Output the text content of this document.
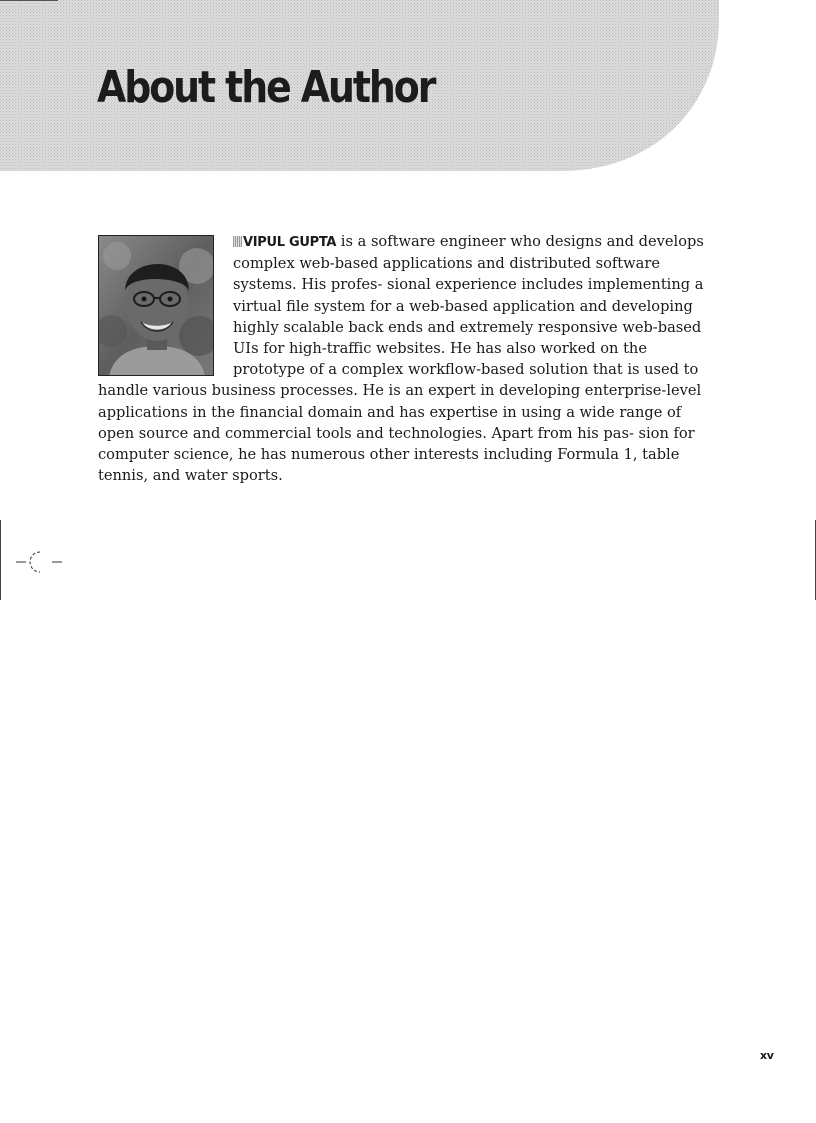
About the Author

VIPUL GUPTA is a software engineer who designs and develops complex web-based applications and distributed software systems. His profes- sional experience includes implementing a virtual file system for a web-based application and developing highly scalable back ends and extremely responsive web-based UIs for high-traffic websites. He has also worked on the prototype of a complex workflow-based solution that is used to handle various business processes. He is an expert in developing enterprise-level applications in the financial domain and has expertise in using a wide range of open source and commercial tools and technologies. Apart from his pas- sion for computer science, he has numerous other interests including Formula 1, table tennis, and water sports.

xv
